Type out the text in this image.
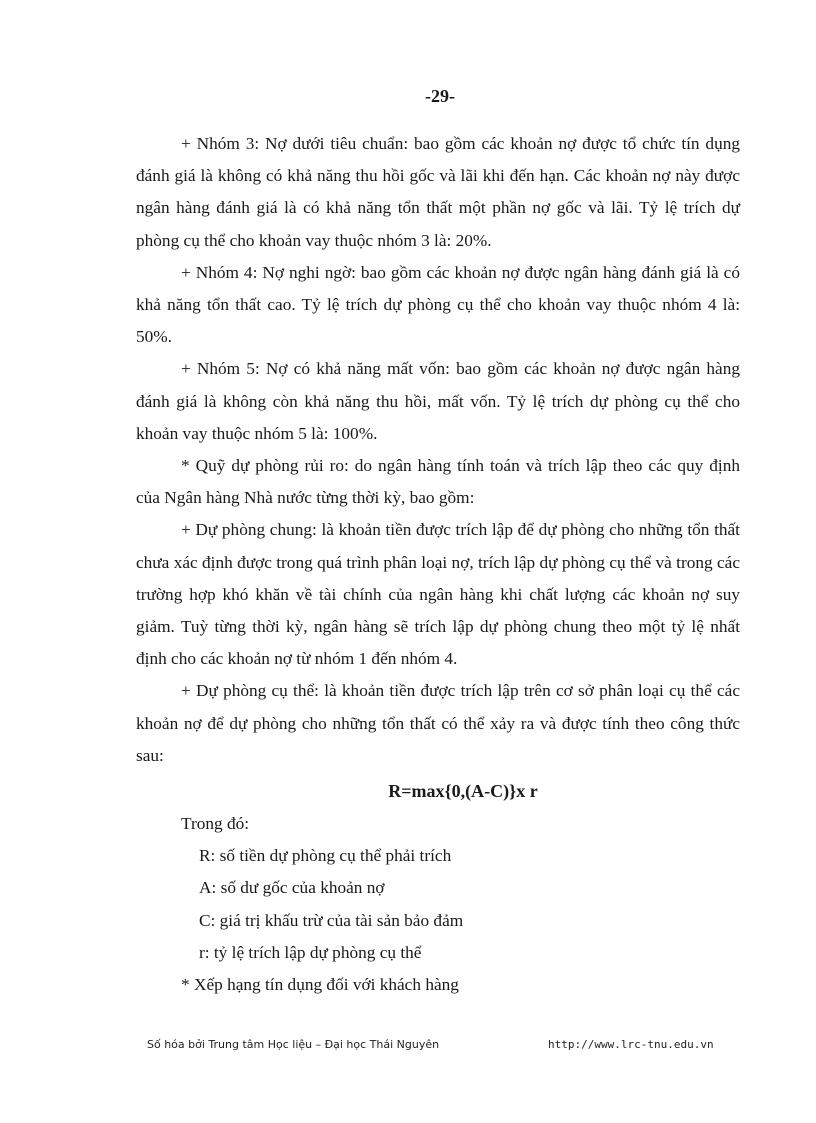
-29-

+ Nhóm 3: Nợ dưới tiêu chuẩn: bao gồm các khoản nợ được tổ chức tín dụng đánh giá là không có khả năng thu hồi gốc và lãi khi đến hạn. Các khoản nợ này được ngân hàng đánh giá là có khả năng tổn thất một phần nợ gốc và lãi. Tỷ lệ trích dự phòng cụ thể cho khoản vay thuộc nhóm 3 là: 20%.

+ Nhóm 4: Nợ nghi ngờ: bao gồm các khoản nợ được ngân hàng đánh giá là có khả năng tổn thất cao. Tỷ lệ trích dự phòng cụ thể cho khoản vay thuộc nhóm 4 là: 50%.

+ Nhóm 5: Nợ có khả năng mất vốn: bao gồm các khoản nợ được ngân hàng đánh giá là không còn khả năng thu hồi, mất vốn. Tỷ lệ trích dự phòng cụ thể cho khoản vay thuộc nhóm 5 là: 100%.

* Quỹ dự phòng rủi ro: do ngân hàng tính toán và trích lập theo các quy định của Ngân hàng Nhà nước từng thời kỳ, bao gồm:

+ Dự phòng chung: là khoản tiền được trích lập để dự phòng cho những tổn thất chưa xác định được trong quá trình phân loại nợ, trích lập dự phòng cụ thể và trong các trường hợp khó khăn về tài chính của ngân hàng khi chất lượng các khoản nợ suy giảm. Tuỳ từng thời kỳ, ngân hàng sẽ trích lập dự phòng chung theo một tỷ lệ nhất định cho các khoản nợ từ nhóm 1 đến nhóm 4.

+ Dự phòng cụ thể: là khoản tiền được trích lập trên cơ sở phân loại cụ thể các khoản nợ để dự phòng cho những tổn thất có thể xảy ra và được tính theo công thức sau:

R=max{0,(A-C)}x r

Trong đó:

R: số tiền dự phòng cụ thể phải trích

A: số dư gốc của khoản nợ

C: giá trị khấu trừ của tài sản bảo đảm

r: tỷ lệ trích lập dự phòng cụ thể

* Xếp hạng tín dụng đối với khách hàng

Số hóa bởi Trung tâm Học liệu – Đại học Thái Nguyên	http://www.lrc-tnu.edu.vn
